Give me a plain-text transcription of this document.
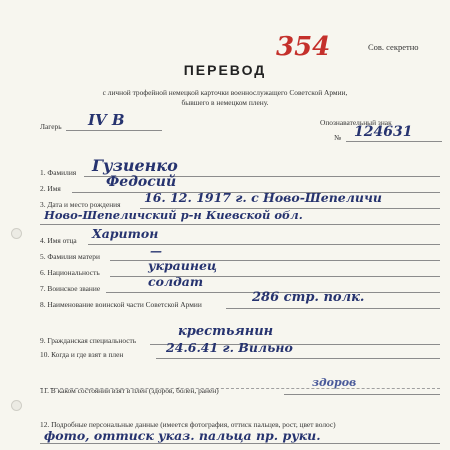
Сов. секретно
354
ПЕРЕВОД
с личной трофейной немецкой карточки военнослужащего Советской Армии,
бывшего в немецком плену.
Лагерь IV B	Опознавательный знак
№ 124631
1. Фамилия Гузиенко
2. Имя	Федосий
3. Дата и место рождения 16. 12. 1917 г. с Ново-Шепеличи
Ново-Шепеличский р-н Киевской обл.
4. Имя отца Харитон
5. Фамилия матери	—
6. Национальность	украинец
7. Воинское звание	солдат
8. Наименование воинской части Советской Армии	286 стр. полк.
9. Гражданская специальность
крестьянин
10. Когда и где взят в плен	24.6.41 г. Вильно
11. В каком состоянии взят в плен (здоров, болен, ранен)
здоров
12. Подробные персональные данные (имеется фотография, оттиск пальцев, рост, цвет волос)
фото, оттиск указ. пальца пр. руки.
